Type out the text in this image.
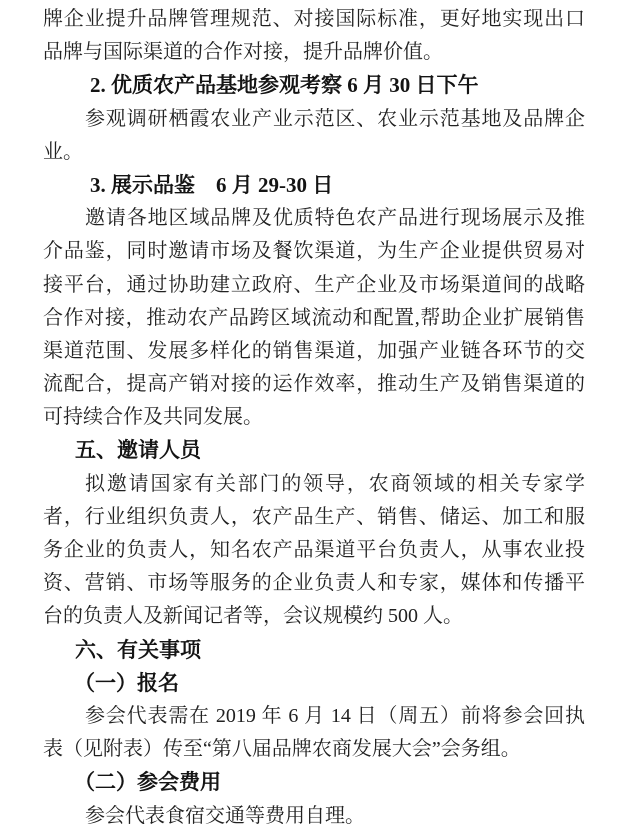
牌企业提升品牌管理规范、对接国际标准，更好地实现出口
品牌与国际渠道的合作对接，提升品牌价值。
2. 优质农产品基地参观考察 6 月 30 日下午
参观调研栖霞农业产业示范区、农业示范基地及品牌企
业。
3. 展示品鉴　6 月 29-30 日
邀请各地区域品牌及优质特色农产品进行现场展示及推
介品鉴，同时邀请市场及餐饮渠道，为生产企业提供贸易对
接平台，通过协助建立政府、生产企业及市场渠道间的战略
合作对接，推动农产品跨区域流动和配置,帮助企业扩展销售
渠道范围、发展多样化的销售渠道，加强产业链各环节的交
流配合，提高产销对接的运作效率，推动生产及销售渠道的
可持续合作及共同发展。
五、邀请人员
拟邀请国家有关部门的领导，农商领域的相关专家学
者，行业组织负责人，农产品生产、销售、储运、加工和服
务企业的负责人，知名农产品渠道平台负责人，从事农业投
资、营销、市场等服务的企业负责人和专家，媒体和传播平
台的负责人及新闻记者等，会议规模约 500 人。
六、有关事项
（一）报名
参会代表需在 2019 年 6 月 14 日（周五）前将参会回执
表（见附表）传至“第八届品牌农商发展大会”会务组。
（二）参会费用
参会代表食宿交通等费用自理。
